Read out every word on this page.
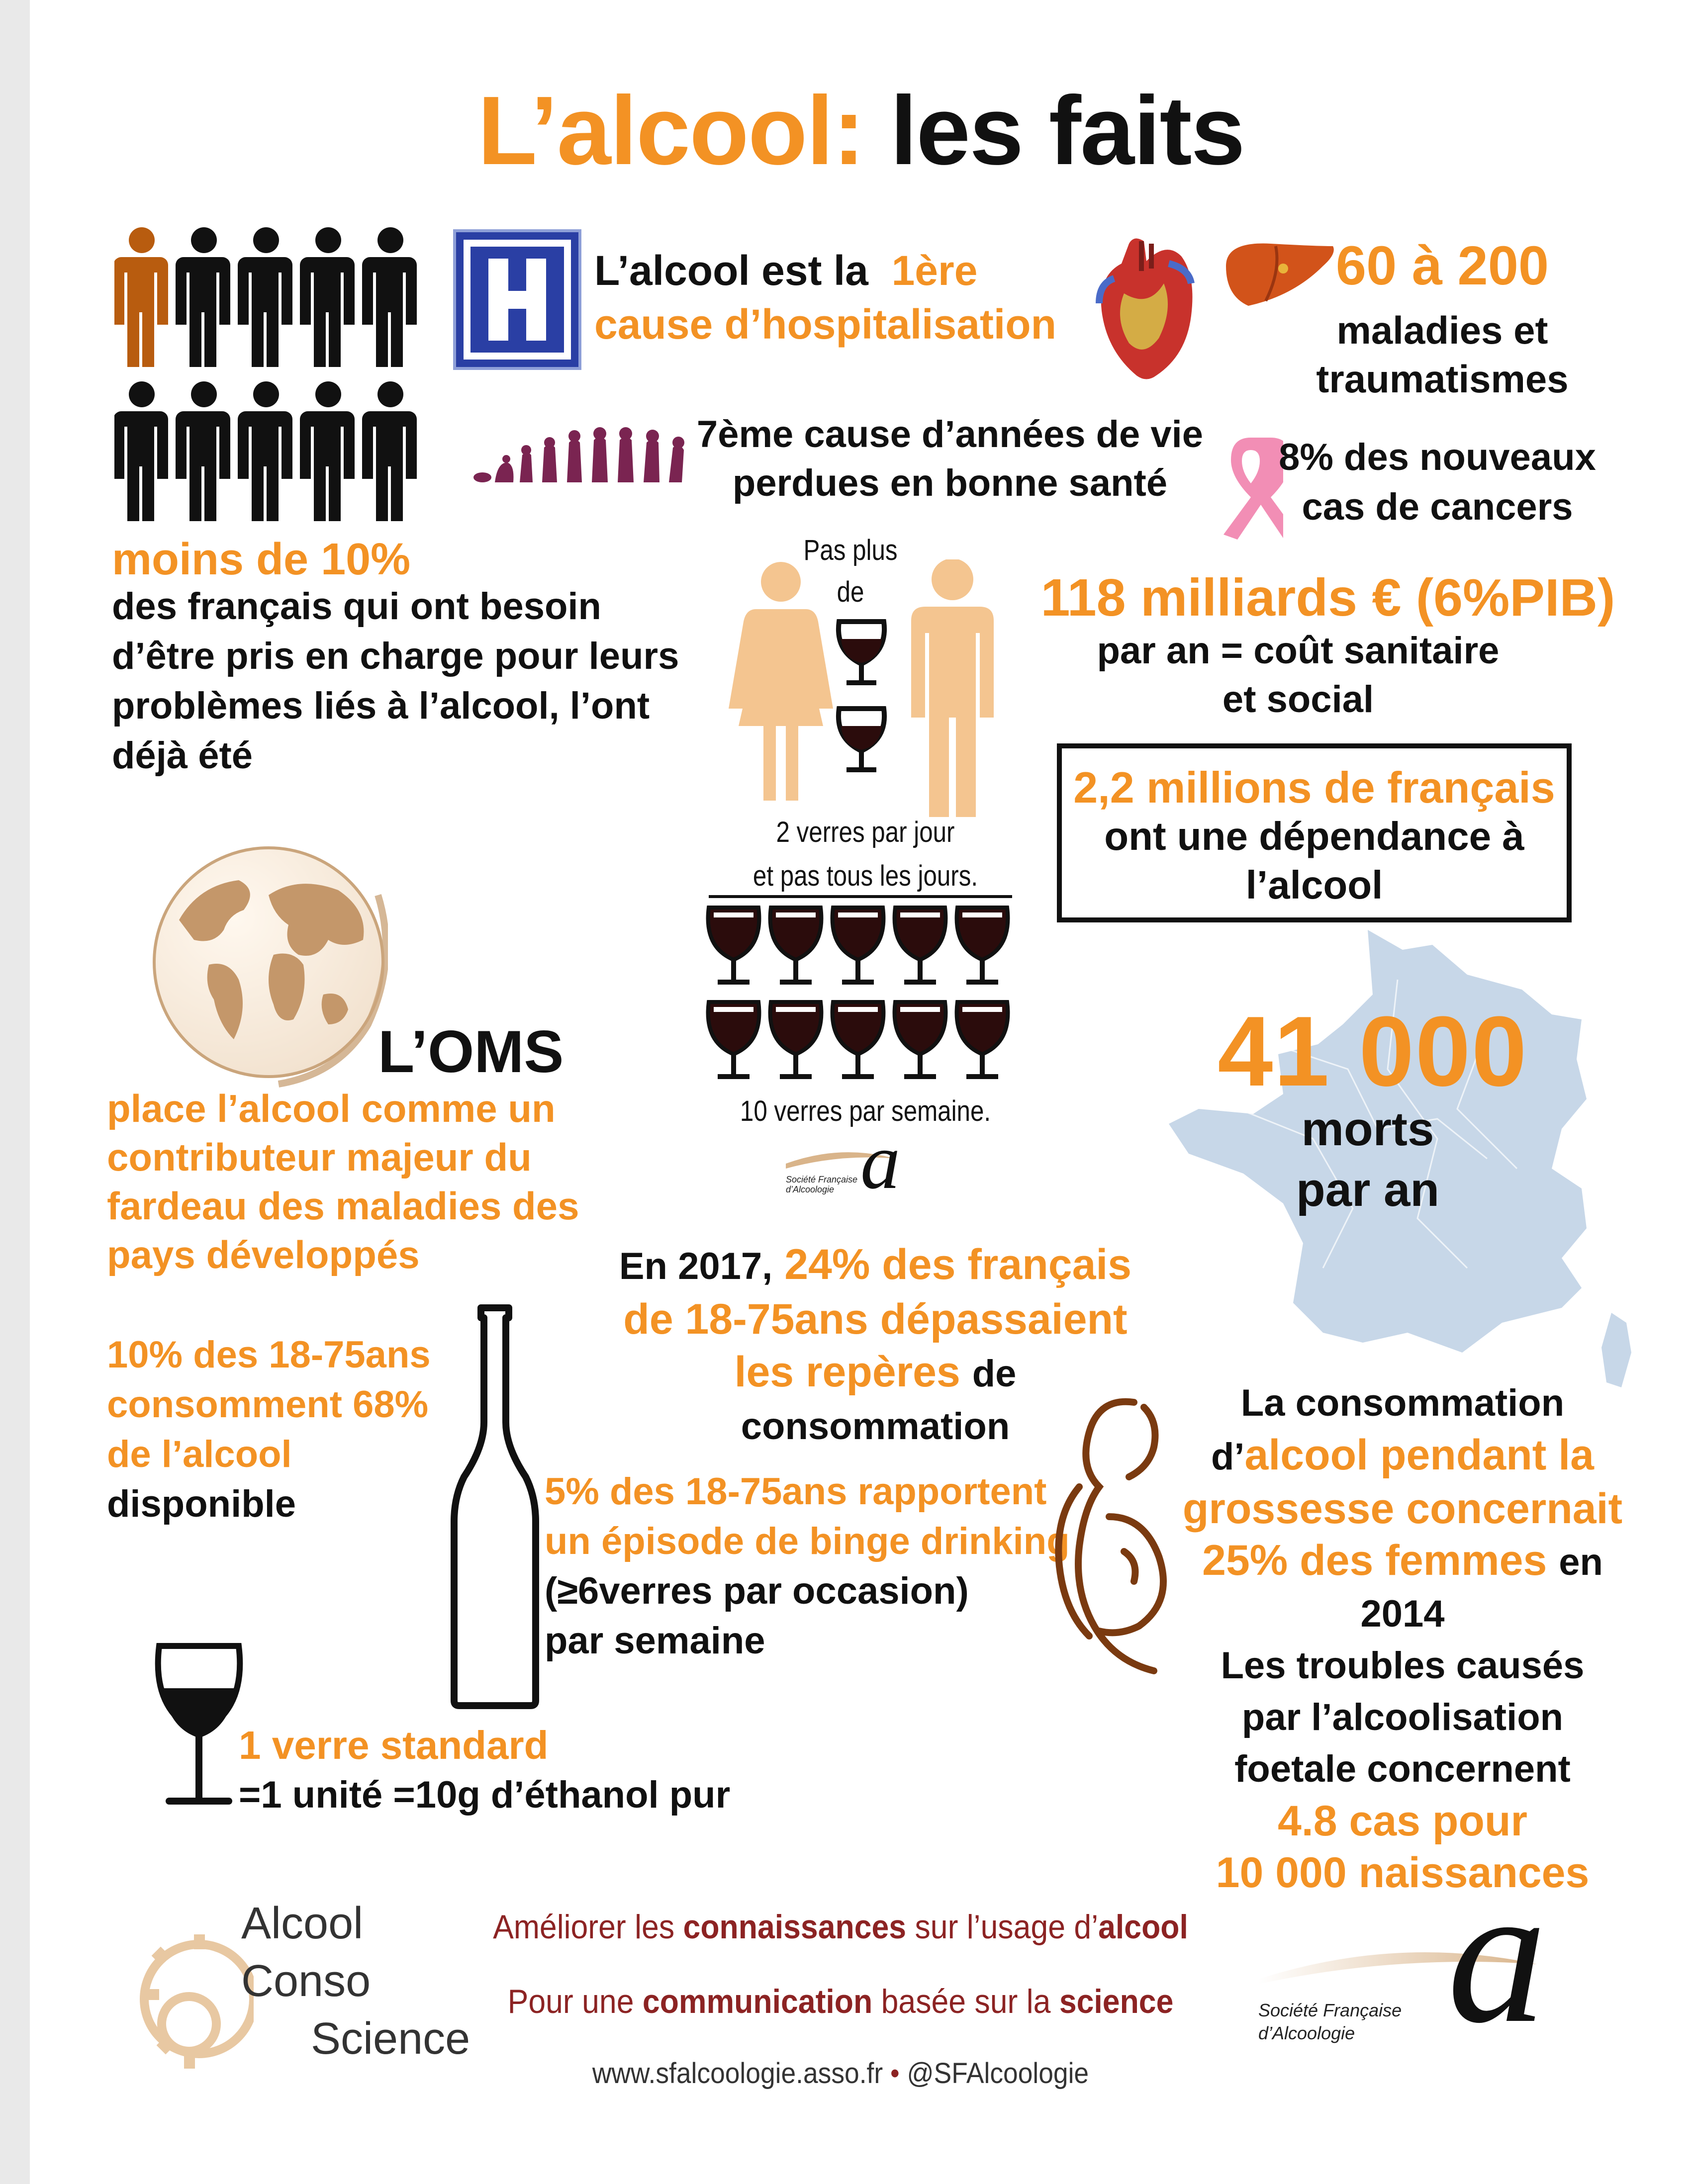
L’alcool: les faits
L’alcool est la 1ère
cause d’hospitalisation
60 à 200
maladies et
traumatismes
7ème cause d’années de vie
perdues en bonne santé
8% des nouveaux
cas de cancers
moins de 10%
des français qui ont besoin
d’être pris en charge pour leurs
problèmes liés à l’alcool, l’ont
déjà été
Pas plus
de
2 verres par jour
et pas tous les jours.
10 verres par semaine.
a
Société Française
d’Alcoologie
118 milliards € (6%PIB)
par an = coût sanitaire
et social
2,2 millions de français
ont une dépendance à
l’alcool
L’OMS
place l’alcool comme un
contributeur majeur du
fardeau des maladies des
pays développés
41 000
morts
par an
En 2017, 24% des français
de 18-75ans dépassaient
les repères de
consommation
10% des 18-75ans
consomment 68%
de l’alcool
disponible	5% des 18-75ans rapportent
un épisode de binge drinking
(≥6verres par occasion)
par semaine
La consommation
d’alcool pendant la
grossesse concernait
25% des femmes en
2014
Les troubles causés
par l’alcoolisation
foetale concernent
4.8 cas pour
10 000 naissances
1 verre standard
=1 unité =10g d’éthanol pur
Alcool
Conso
Science
Améliorer les connaissances sur l’usage d’alcool
Pour une communication basée sur la science
www.sfalcoologie.asso.fr • @SFAlcoologie
a
Société Française
d’Alcoologie
